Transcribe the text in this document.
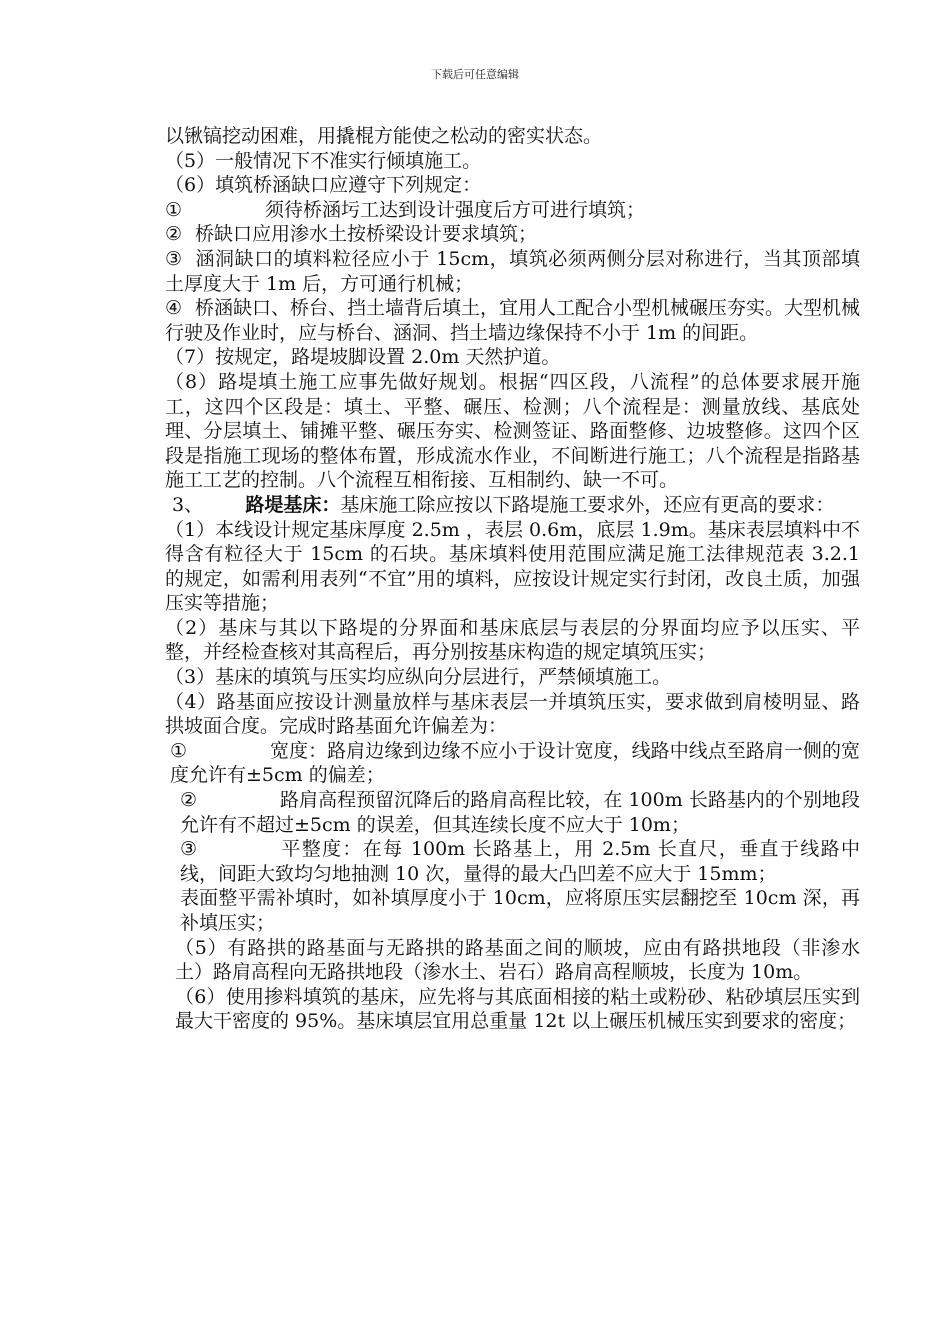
下载后可任意编辑

以锹镐挖动困难，用撬棍方能使之松动的密实状态。

（5）一般情况下不准实行倾填施工。

（6）填筑桥涵缺口应遵守下列规定：

①	须待桥涵圬工达到设计强度后方可进行填筑；

② 桥缺口应用渗水土按桥梁设计要求填筑；

③ 涵洞缺口的填料粒径应小于 15cm，填筑必须两侧分层对称进行，当其顶部填土厚度大于 1m 后，方可通行机械；

④ 桥涵缺口、桥台、挡土墙背后填土，宜用人工配合小型机械碾压夯实。大型机械行驶及作业时，应与桥台、涵洞、挡土墙边缘保持不小于 1m 的间距。

（7）按规定，路堤坡脚设置 2.0m 天然护道。

（8）路堤填土施工应事先做好规划。根据“四区段，八流程”的总体要求展开施工，这四个区段是：填土、平整、碾压、检测；八个流程是：测量放线、基底处理、分层填土、铺摊平整、碾压夯实、检测签证、路面整修、边坡整修。这四个区段是指施工现场的整体布置，形成流水作业，不间断进行施工；八个流程是指路基施工工艺的控制。八个流程互相衔接、互相制约、缺一不可。

3、 路堤基床：基床施工除应按以下路堤施工要求外，还应有更高的要求：

（1）本线设计规定基床厚度 2.5m ，表层 0.6m，底层 1.9m。基床表层填料中不得含有粒径大于 15cm 的石块。基床填料使用范围应满足施工法律规范表 3.2.1 的规定，如需利用表列“不宜”用的填料，应按设计规定实行封闭，改良土质，加强压实等措施；

（2）基床与其以下路堤的分界面和基床底层与表层的分界面均应予以压实、平整，并经检查核对其高程后，再分别按基床构造的规定填筑压实；

（3）基床的填筑与压实均应纵向分层进行，严禁倾填施工。

（4）路基面应按设计测量放样与基床表层一并填筑压实，要求做到肩棱明显、路拱坡面合度。完成时路基面允许偏差为：

①	宽度：路肩边缘到边缘不应小于设计宽度，线路中线点至路肩一侧的宽度允许有±5cm 的偏差；

②	路肩高程预留沉降后的路肩高程比较，在 100m 长路基内的个别地段允许有不超过±5cm 的误差，但其连续长度不应大于 10m；

③	平整度：在每 100m 长路基上，用 2.5m 长直尺，垂直于线路中线，间距大致均匀地抽测 10 次，量得的最大凸凹差不应大于 15mm；

表面整平需补填时，如补填厚度小于 10cm，应将原压实层翻挖至 10cm 深，再补填压实；

（5）有路拱的路基面与无路拱的路基面之间的顺坡，应由有路拱地段（非渗水土）路肩高程向无路拱地段（渗水土、岩石）路肩高程顺坡，长度为 10m。

（6）使用掺料填筑的基床，应先将与其底面相接的粘土或粉砂、粘砂填层压实到最大干密度的 95%。基床填层宜用总重量 12t 以上碾压机械压实到要求的密度；
